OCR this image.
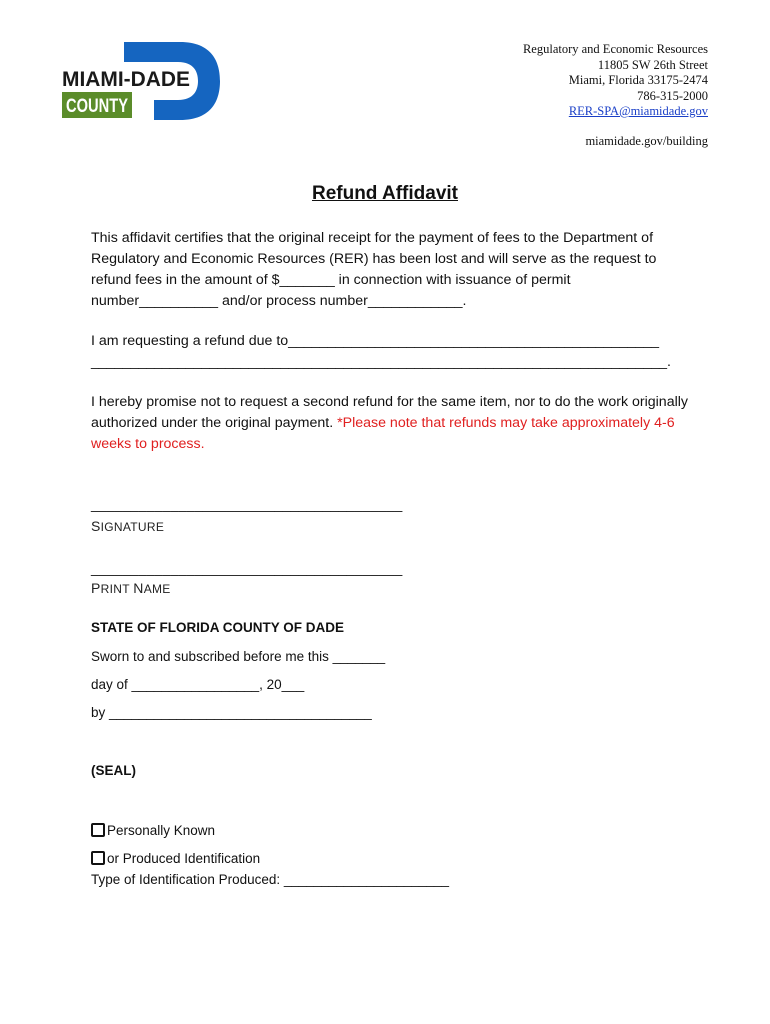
MIAMI-DADE
COUNTY
Regulatory and Economic Resources
11805 SW 26th Street
Miami, Florida 33175-2474
786-315-2000
RER-SPA@miamidade.gov
miamidade.gov/building
Refund Affidavit
This affidavit certifies that the original receipt for the payment of fees to the Department of Regulatory and Economic Resources (RER) has been lost and will serve as the request to refund fees in the amount of $_______ in connection with issuance of permit number__________ and/or process number____________.
I am requesting a refund due to_______________________________________________
_________________________________________________________________________.
I hereby promise not to request a second refund for the same item, nor to do the work originally authorized under the original payment. *Please note that refunds may take approximately 4-6 weeks to process.
_______________________________________
SIGNATURE
_______________________________________
PRINT NAME
STATE OF FLORIDA COUNTY OF DADE
Sworn to and subscribed before me this _______
day of _________________, 20___
by ___________________________________
(SEAL)
Personally Known
or Produced Identification
Type of Identification Produced: ______________________
